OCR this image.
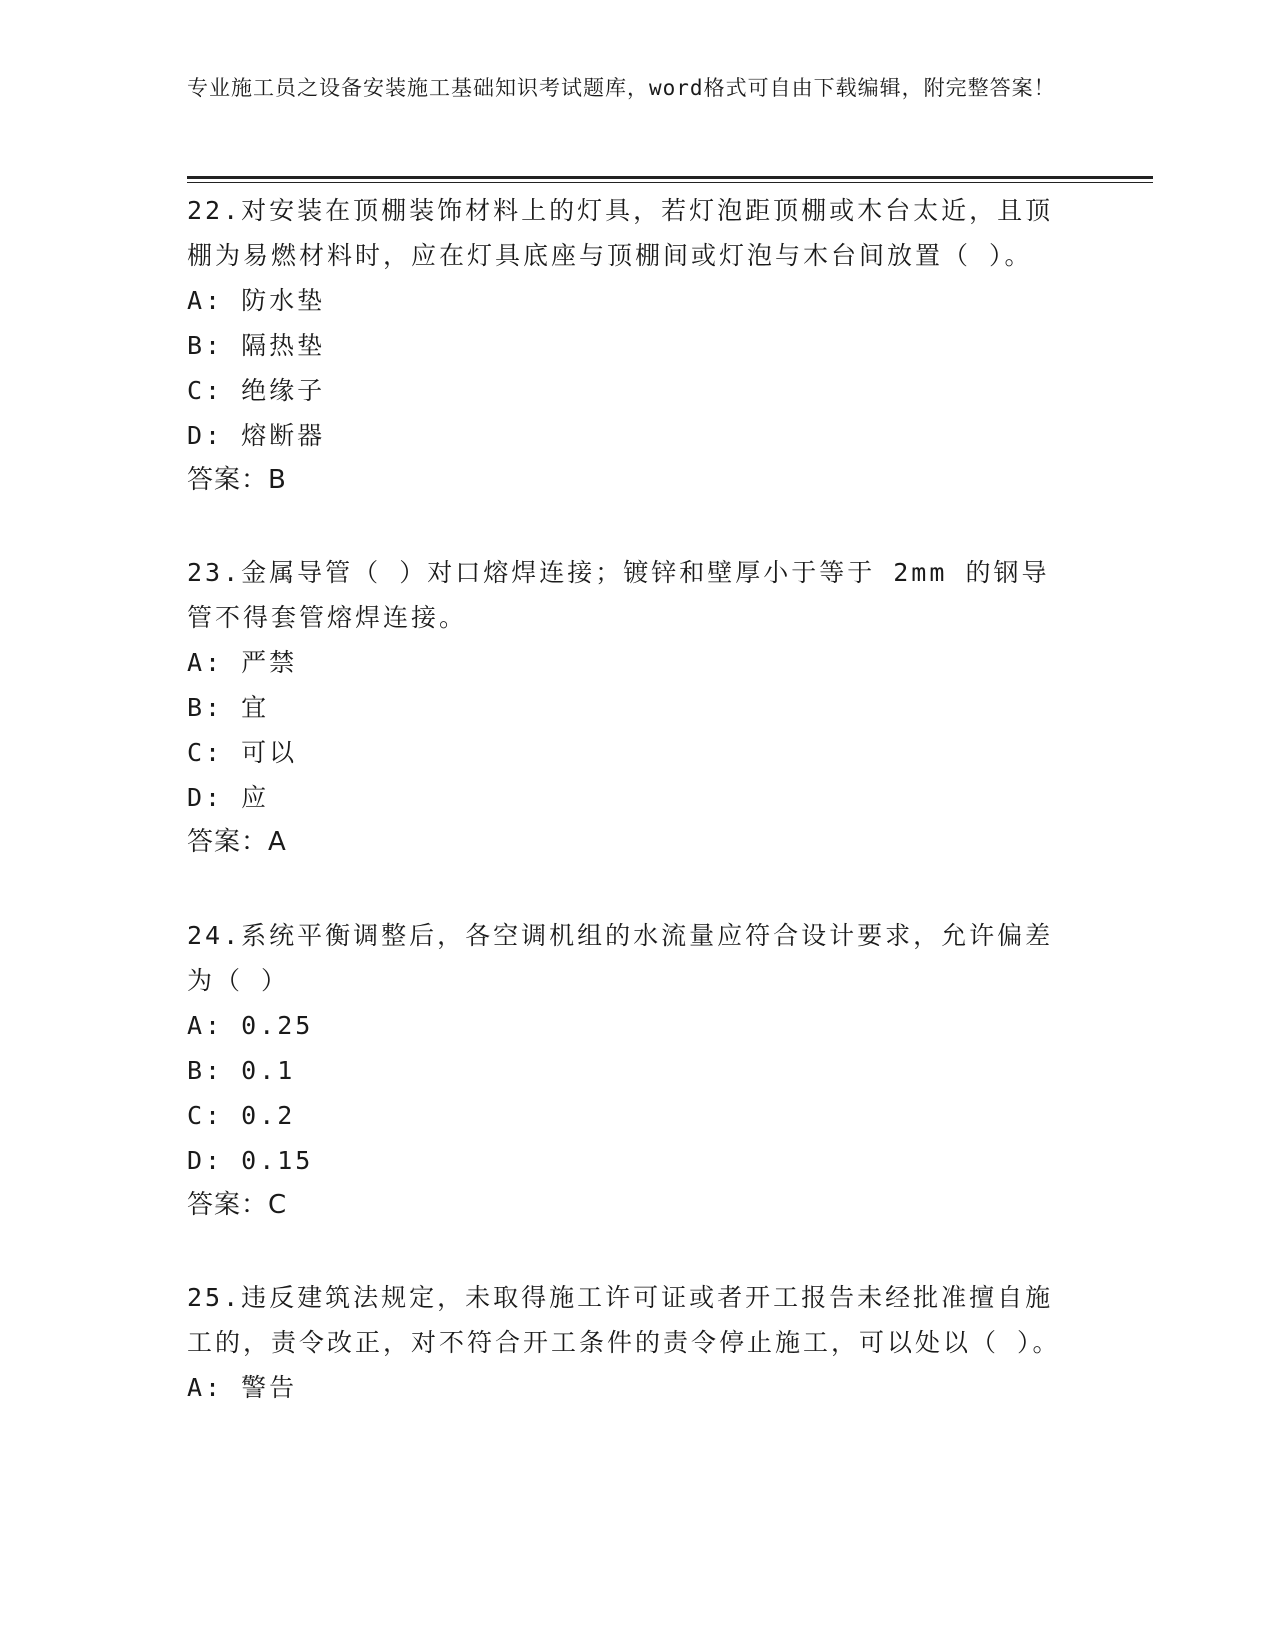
专业施工员之设备安装施工基础知识考试题库，word格式可自由下载编辑，附完整答案！
22.对安装在顶棚装饰材料上的灯具，若灯泡距顶棚或木台太近，且顶棚为易燃材料时，应在灯具底座与顶棚间或灯泡与木台间放置（ ）。
A: 防水垫
B: 隔热垫
C: 绝缘子
D: 熔断器
答案：B
23.金属导管（ ）对口熔焊连接；镀锌和壁厚小于等于 2mm 的钢导管不得套管熔焊连接。
A: 严禁
B: 宜
C: 可以
D: 应
答案：A
24.系统平衡调整后，各空调机组的水流量应符合设计要求，允许偏差为（ ）
A: 0.25
B: 0.1
C: 0.2
D: 0.15
答案：C
25.违反建筑法规定，未取得施工许可证或者开工报告未经批准擅自施工的，责令改正，对不符合开工条件的责令停止施工，可以处以（ ）。
A: 警告
